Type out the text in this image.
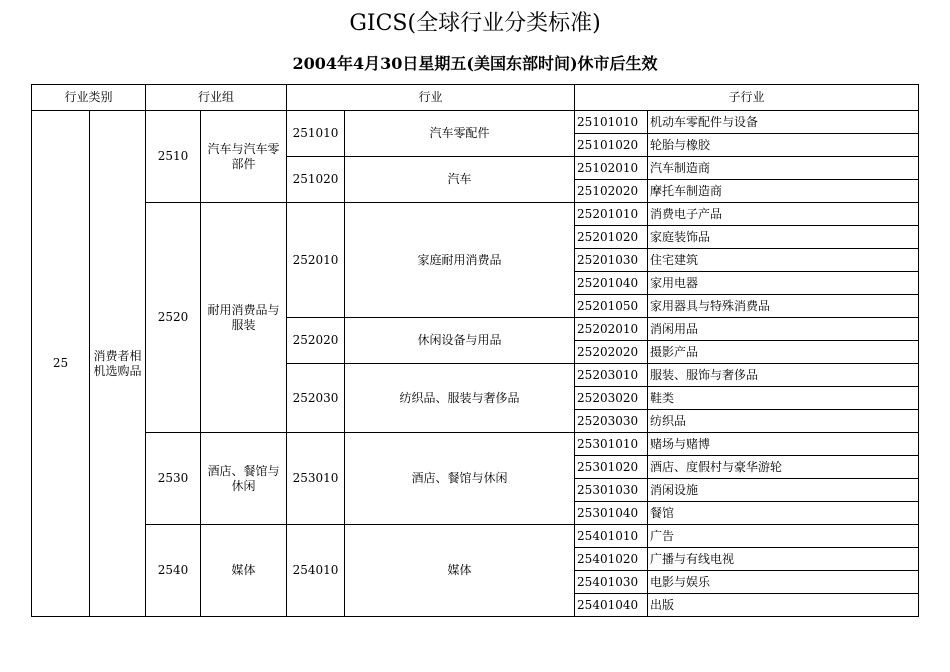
GICS(全球行业分类标准)
2004年4月30日星期五(美国东部时间)休市后生效
行业类别		行业组		行业		子行业	
25	消费者相机选购品	2510	汽车与汽车零部件	251010	汽车零配件	25101010	机动车零配件与设备
						25101020	轮胎与橡胶
				251020	汽车	25102010	汽车制造商
						25102020	摩托车制造商
		2520	耐用消费品与服装	252010	家庭耐用消费品	25201010	消费电子产品
						25201020	家庭装饰品
						25201030	住宅建筑
						25201040	家用电器
						25201050	家用器具与特殊消费品
				252020	休闲设备与用品	25202010	消闲用品
						25202020	摄影产品
				252030	纺织品、服装与奢侈品	25203010	服装、服饰与奢侈品
						25203020	鞋类
						25203030	纺织品
		2530	酒店、餐馆与休闲	253010	酒店、餐馆与休闲	25301010	赌场与赌博
						25301020	酒店、度假村与豪华游轮
						25301030	消闲设施
						25301040	餐馆
		2540	媒体	254010	媒体	25401010	广告
						25401020	广播与有线电视
						25401030	电影与娱乐
						25401040	出版
